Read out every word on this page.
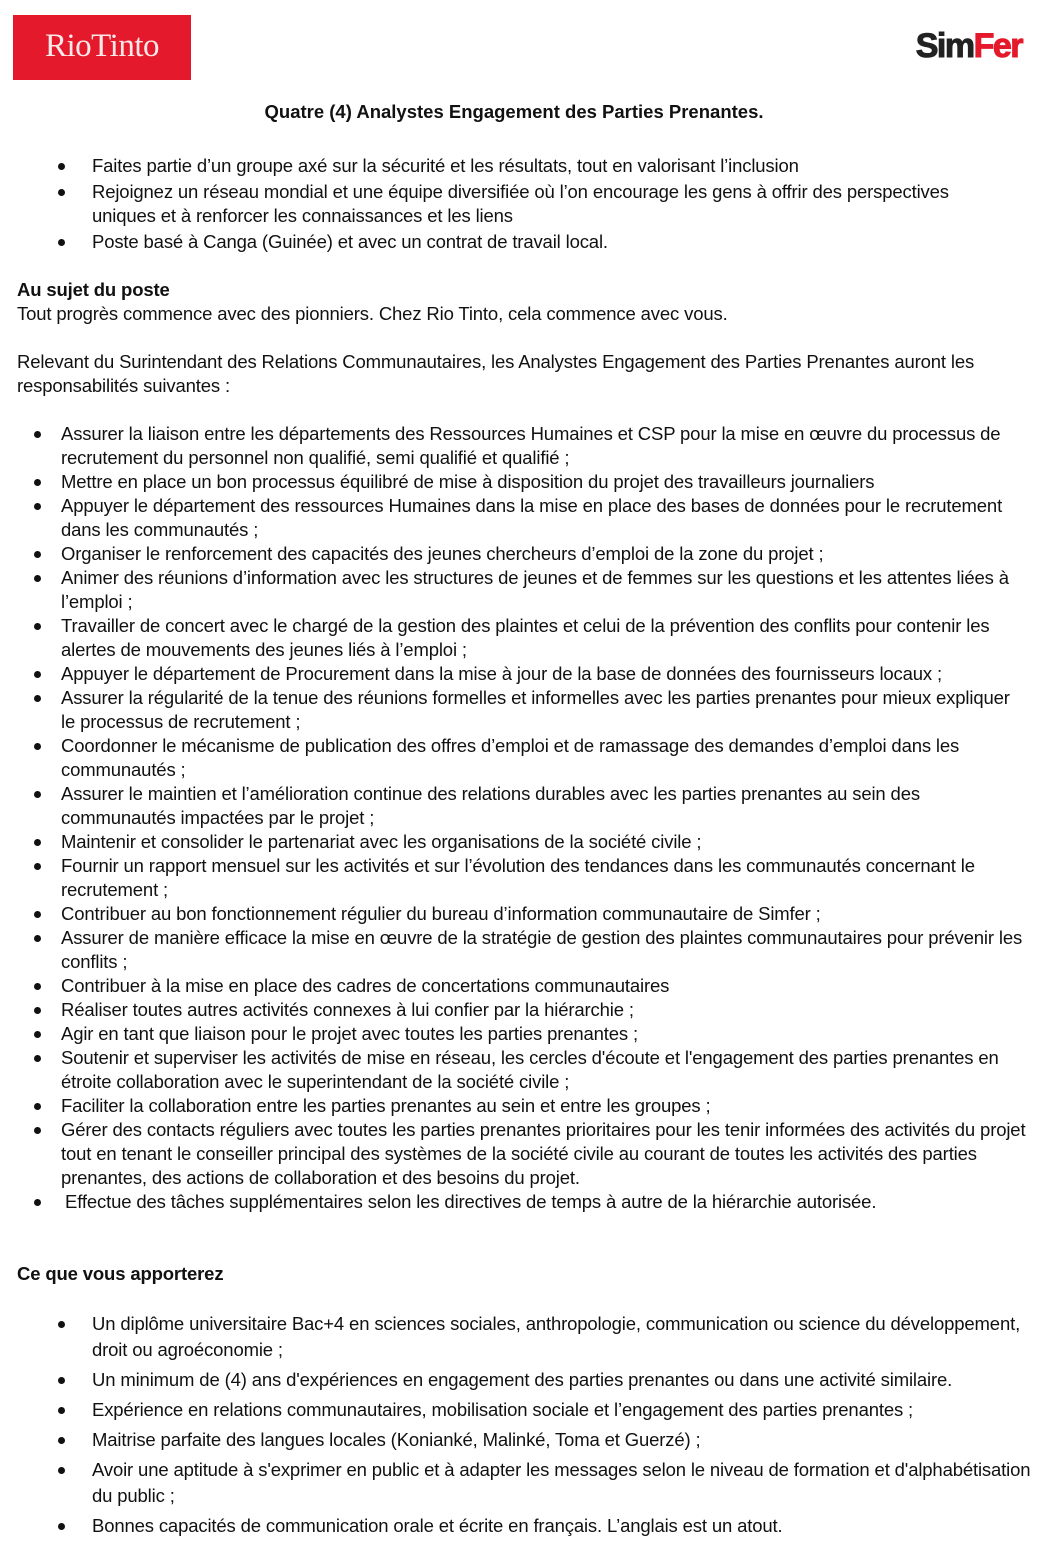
RioTinto	SimFer
Quatre (4) Analystes Engagement des Parties Prenantes.
Faites partie d’un groupe axé sur la sécurité et les résultats, tout en valorisant l’inclusion
Rejoignez un réseau mondial et une équipe diversifiée où l’on encourage les gens à offrir des perspectives uniques et à renforcer les connaissances et les liens
Poste basé à Canga (Guinée) et avec un contrat de travail local.
Au sujet du poste
Tout progrès commence avec des pionniers. Chez Rio Tinto, cela commence avec vous.
Relevant du Surintendant des Relations Communautaires, les Analystes Engagement des Parties Prenantes auront les responsabilités suivantes :
Assurer la liaison entre les départements des Ressources Humaines et CSP pour la mise en œuvre du processus de recrutement du personnel non qualifié, semi qualifié et qualifié ;
Mettre en place un bon processus équilibré de mise à disposition du projet des travailleurs journaliers
Appuyer le département des ressources Humaines dans la mise en place des bases de données pour le recrutement dans les communautés ;
Organiser le renforcement des capacités des jeunes chercheurs d’emploi de la zone du projet ;
Animer des réunions d’information avec les structures de jeunes et de femmes sur les questions et les attentes liées à l’emploi ;
Travailler de concert avec le chargé de la gestion des plaintes et celui de la prévention des conflits pour contenir les alertes de mouvements des jeunes liés à l’emploi ;
Appuyer le département de Procurement dans la mise à jour de la base de données des fournisseurs locaux ;
Assurer la régularité de la tenue des réunions formelles et informelles avec les parties prenantes pour mieux expliquer le processus de recrutement ;
Coordonner le mécanisme de publication des offres d’emploi et de ramassage des demandes d’emploi dans les communautés ;
Assurer le maintien et l’amélioration continue des relations durables avec les parties prenantes au sein des communautés impactées par le projet ;
Maintenir et consolider le partenariat avec les organisations de la société civile ;
Fournir un rapport mensuel sur les activités et sur l’évolution des tendances dans les communautés concernant le recrutement ;
Contribuer au bon fonctionnement régulier du bureau d’information communautaire de Simfer ;
Assurer de manière efficace la mise en œuvre de la stratégie de gestion des plaintes communautaires pour prévenir les conflits ;
Contribuer à la mise en place des cadres de concertations communautaires
Réaliser toutes autres activités connexes à lui confier par la hiérarchie ;
Agir en tant que liaison pour le projet avec toutes les parties prenantes ;
Soutenir et superviser les activités de mise en réseau, les cercles d'écoute et l'engagement des parties prenantes en étroite collaboration avec le superintendant de la société civile ;
Faciliter la collaboration entre les parties prenantes au sein et entre les groupes ;
Gérer des contacts réguliers avec toutes les parties prenantes prioritaires pour les tenir informées des activités du projet tout en tenant le conseiller principal des systèmes de la société civile au courant de toutes les activités des parties prenantes, des actions de collaboration et des besoins du projet.
Effectue des tâches supplémentaires selon les directives de temps à autre de la hiérarchie autorisée.
Ce que vous apporterez
Un diplôme universitaire Bac+4 en sciences sociales, anthropologie, communication ou science du développement, droit ou agroéconomie ;
Un minimum de (4) ans d'expériences en engagement des parties prenantes ou dans une activité similaire.
Expérience en relations communautaires, mobilisation sociale et l’engagement des parties prenantes ;
Maitrise parfaite des langues locales (Konianké, Malinké, Toma et Guerzé) ;
Avoir une aptitude à s'exprimer en public et à adapter les messages selon le niveau de formation et d'alphabétisation du public ;
Bonnes capacités de communication orale et écrite en français. L’anglais est un atout.
